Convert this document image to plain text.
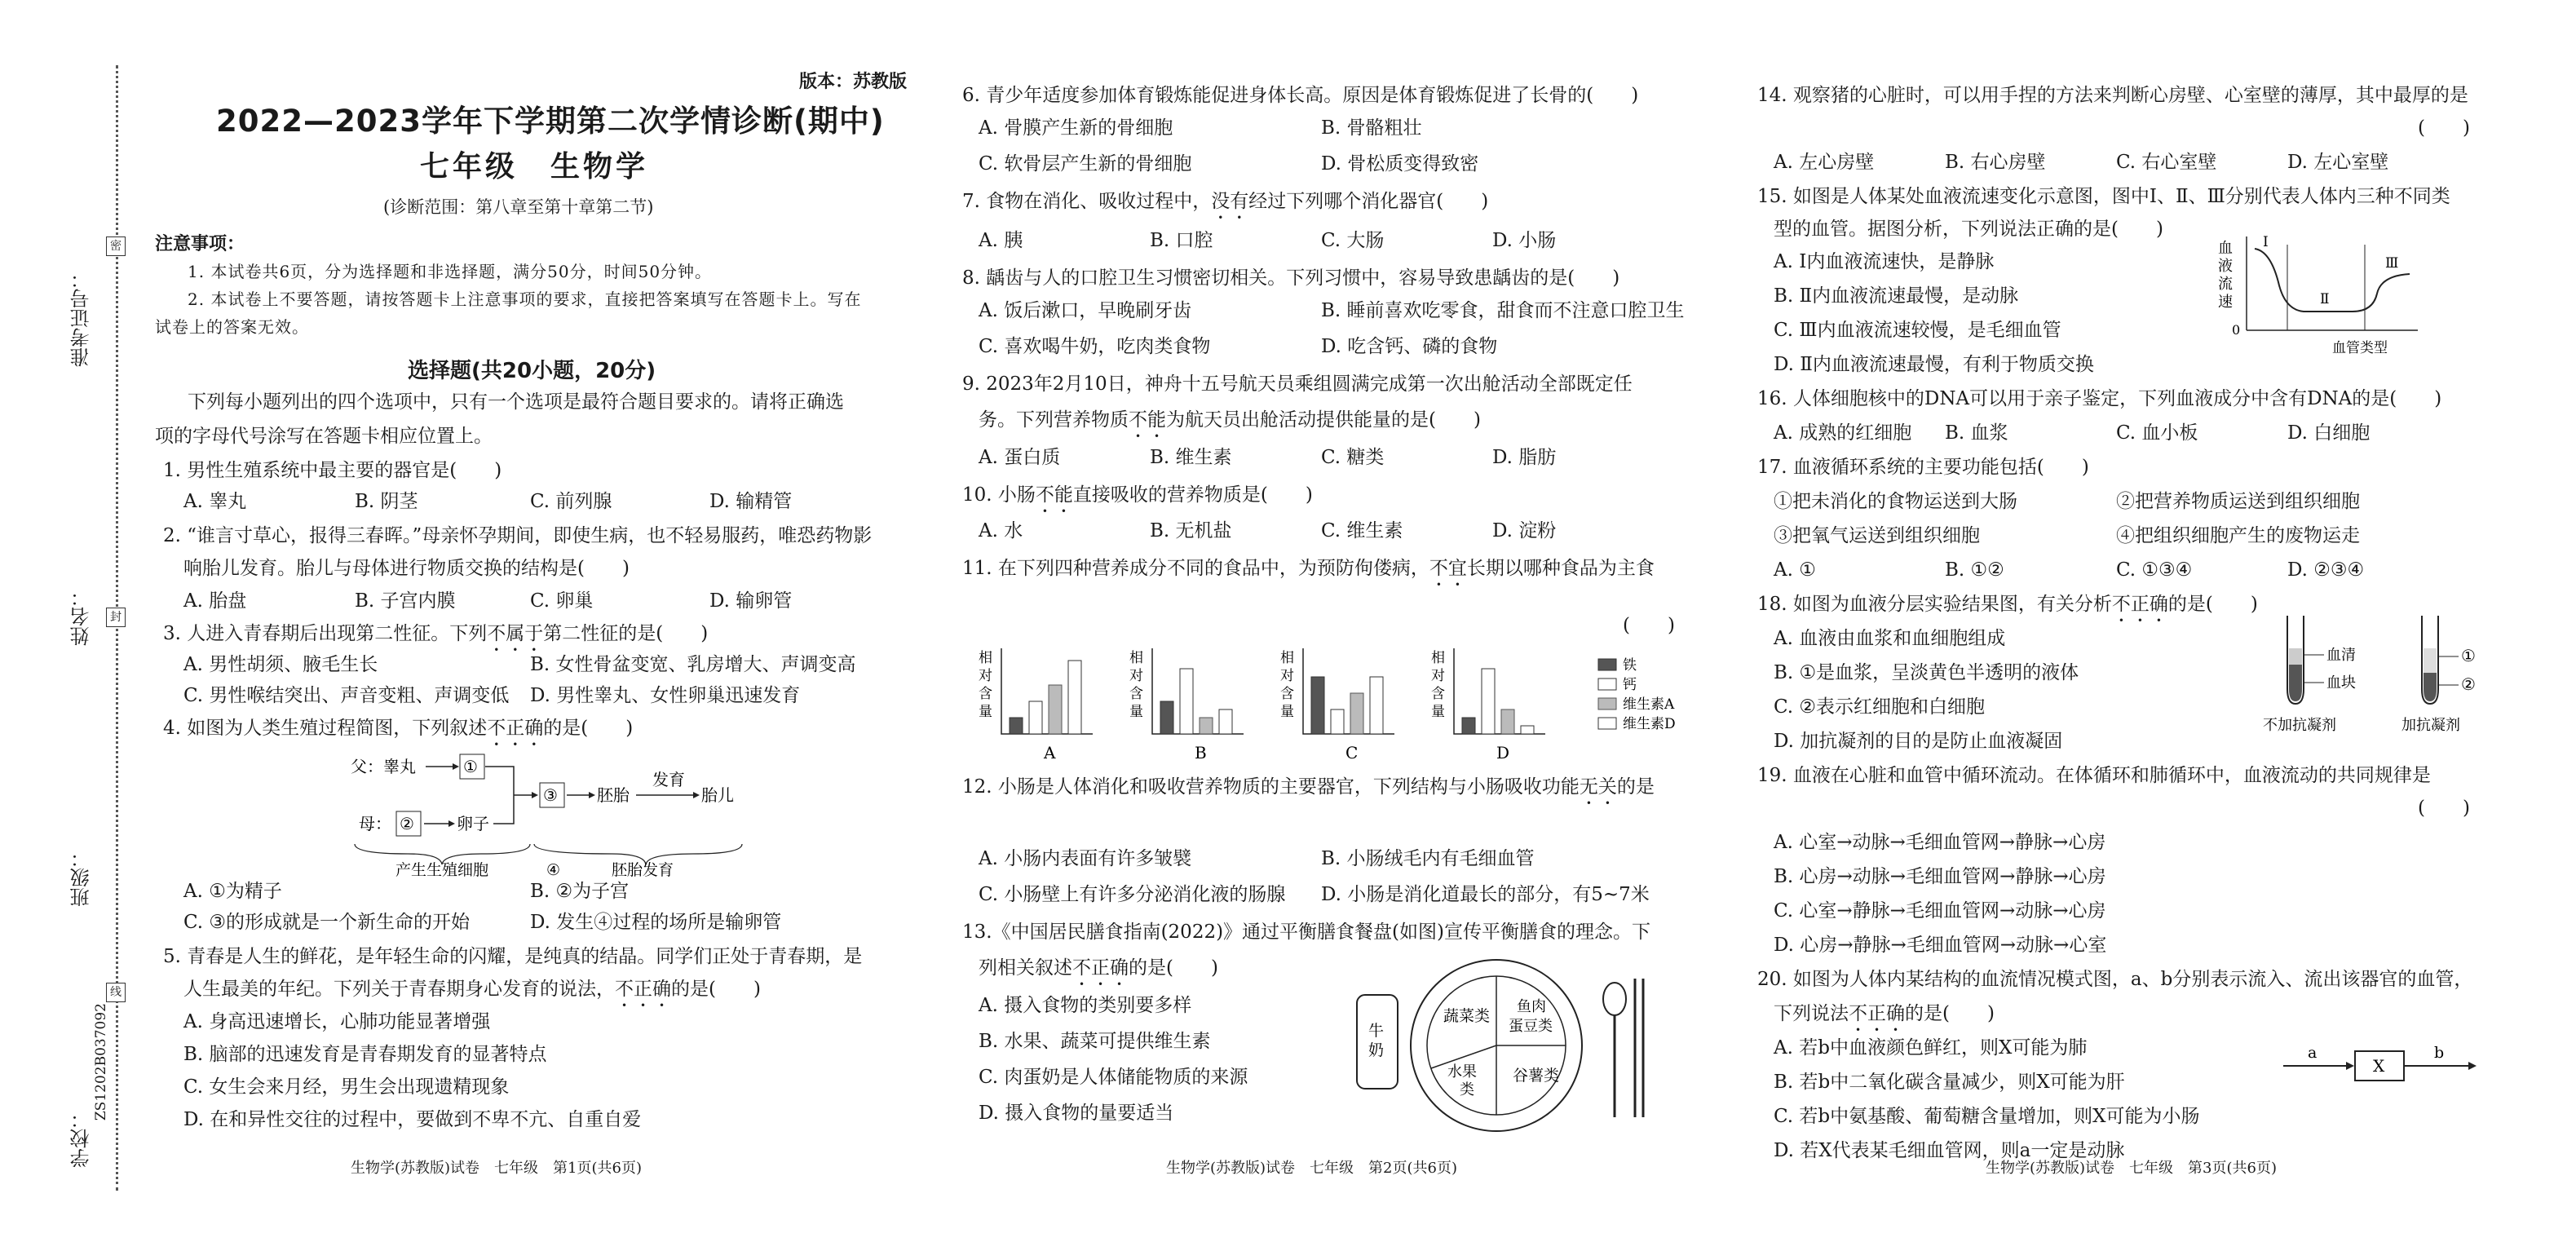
密
封
线
准考证号：
姓名：
班级：
学校：
ZS1202B037092
版本：苏教版
2022—2023学年下学期第二次学情诊断(期中)
七年级　生物学
(诊断范围：第八章至第十章第二节)
注意事项：
1. 本试卷共6页，分为选择题和非选择题，满分50分，时间50分钟。
2. 本试卷上不要答题，请按答题卡上注意事项的要求，直接把答案填写在答题卡上。写在
试卷上的答案无效。
选择题(共20小题，20分)
下列每小题列出的四个选项中，只有一个选项是最符合题目要求的。请将正确选
项的字母代号涂写在答题卡相应位置上。
1. 男性生殖系统中最主要的器官是(　　)
A. 睾丸	B. 阴茎	C. 前列腺	D. 输精管
2. “谁言寸草心，报得三春晖。”母亲怀孕期间，即使生病，也不轻易服药，唯恐药物影
响胎儿发育。胎儿与母体进行物质交换的结构是(　　)
A. 胎盘	B. 子宫内膜	C. 卵巢	D. 输卵管
3. 人进入青春期后出现第二性征。下列不属于第二性征的是(　　)
A. 男性胡须、腋毛生长	B. 女性骨盆变宽、乳房增大、声调变高
C. 男性喉结突出、声音变粗、声调变低 D. 男性睾丸、女性卵巢迅速发育
4. 如图为人类生殖过程简图，下列叙述不正确的是(　　)
父：睾丸	①
母： ②	卵子
③ 胚胎
发育
胎儿
产生生殖细胞	④	胚胎发育
A. ①为精子	B. ②为子宫
C. ③的形成就是一个新生命的开始	D. 发生④过程的场所是输卵管
5. 青春是人生的鲜花，是年轻生命的闪耀，是纯真的结晶。同学们正处于青春期，是
人生最美的年纪。下列关于青春期身心发育的说法，不正确的是(　　)
A. 身高迅速增长，心肺功能显著增强
B. 脑部的迅速发育是青春期发育的显著特点
C. 女生会来月经，男生会出现遗精现象
D. 在和异性交往的过程中，要做到不卑不亢、自重自爱
生物学(苏教版)试卷　七年级　第1页(共6页)
6. 青少年适度参加体育锻炼能促进身体长高。原因是体育锻炼促进了长骨的(　　)
A. 骨膜产生新的骨细胞	B. 骨骼粗壮
C. 软骨层产生新的骨细胞	D. 骨松质变得致密
7. 食物在消化、吸收过程中，没有经过下列哪个消化器官(　　)
A. 胰	B. 口腔	C. 大肠	D. 小肠
8. 龋齿与人的口腔卫生习惯密切相关。下列习惯中，容易导致患龋齿的是(　　)
A. 饭后漱口，早晚刷牙齿	B. 睡前喜欢吃零食，甜食而不注意口腔卫生
C. 喜欢喝牛奶，吃肉类食物	D. 吃含钙、磷的食物
9. 2023年2月10日，神舟十五号航天员乘组圆满完成第一次出舱活动全部既定任
务。下列营养物质不能为航天员出舱活动提供能量的是(　　)
A. 蛋白质	B. 维生素	C. 糖类	D. 脂肪
10. 小肠不能直接吸收的营养物质是(　　)
A. 水	B. 无机盐	C. 维生素	D. 淀粉
11. 在下列四种营养成分不同的食品中，为预防佝偻病，不宜长期以哪种食品为主食
(　　)
相
对
含
量
A
相
对
含
量
B
相
对
含
量
C
相
对
含
量
D
铁
钙
维生素A
维生素D
12. 小肠是人体消化和吸收营养物质的主要器官，下列结构与小肠吸收功能无关的是
A. 小肠内表面有许多皱襞	B. 小肠绒毛内有毛细血管
C. 小肠壁上有许多分泌消化液的肠腺 D. 小肠是消化道最长的部分，有5~7米
13.《中国居民膳食指南(2022)》通过平衡膳食餐盘(如图)宣传平衡膳食的理念。下
列相关叙述不正确的是(　　)
A. 摄入食物的类别要多样
B. 水果、蔬菜可提供维生素
C. 肉蛋奶是人体储能物质的来源
D. 摄入食物的量要适当
牛
奶
蔬菜类
鱼肉
蛋豆类
水果
类
谷薯类
生物学(苏教版)试卷　七年级　第2页(共6页)
14. 观察猪的心脏时，可以用手捏的方法来判断心房壁、心室壁的薄厚，其中最厚的是
(　　)
A. 左心房壁	B. 右心房壁	C. 右心室壁	D. 左心室壁
15. 如图是人体某处血液流速变化示意图，图中Ⅰ、Ⅱ、Ⅲ分别代表人体内三种不同类
型的血管。据图分析，下列说法正确的是(　　)
A. Ⅰ内血液流速快，是静脉
B. Ⅱ内血液流速最慢，是动脉
C. Ⅲ内血液流速较慢，是毛细血管
D. Ⅱ内血液流速最慢，有利于物质交换
血
液
流
速
0
Ⅰ
Ⅱ
Ⅲ
血管类型
16. 人体细胞核中的DNA可以用于亲子鉴定，下列血液成分中含有DNA的是(　　)
A. 成熟的红细胞 B. 血浆	C. 血小板	D. 白细胞
17. 血液循环系统的主要功能包括(　　)
①把未消化的食物运送到大肠	②把营养物质运送到组织细胞
③把氧气运送到组织细胞	④把组织细胞产生的废物运走
A. ①	B. ①②	C. ①③④	D. ②③④
18. 如图为血液分层实验结果图，有关分析不正确的是(　　)
A. 血液由血浆和血细胞组成
B. ①是血浆，呈淡黄色半透明的液体
C. ②表示红细胞和白细胞
D. 加抗凝剂的目的是防止血液凝固
血清
血块
①
②
不加抗凝剂	加抗凝剂
19. 血液在心脏和血管中循环流动。在体循环和肺循环中，血液流动的共同规律是
(　　)
A. 心室→动脉→毛细血管网→静脉→心房
B. 心房→动脉→毛细血管网→静脉→心房
C. 心室→静脉→毛细血管网→动脉→心房
D. 心房→静脉→毛细血管网→动脉→心室
20. 如图为人体内某结构的血流情况模式图，a、b分别表示流入、流出该器官的血管，
下列说法不正确的是(　　)
A. 若b中血液颜色鲜红，则X可能为肺
B. 若b中二氧化碳含量减少，则X可能为肝
C. 若b中氨基酸、葡萄糖含量增加，则X可能为小肠
D. 若X代表某毛细血管网，则a一定是动脉
a
X
b
生物学(苏教版)试卷　七年级　第3页(共6页)
